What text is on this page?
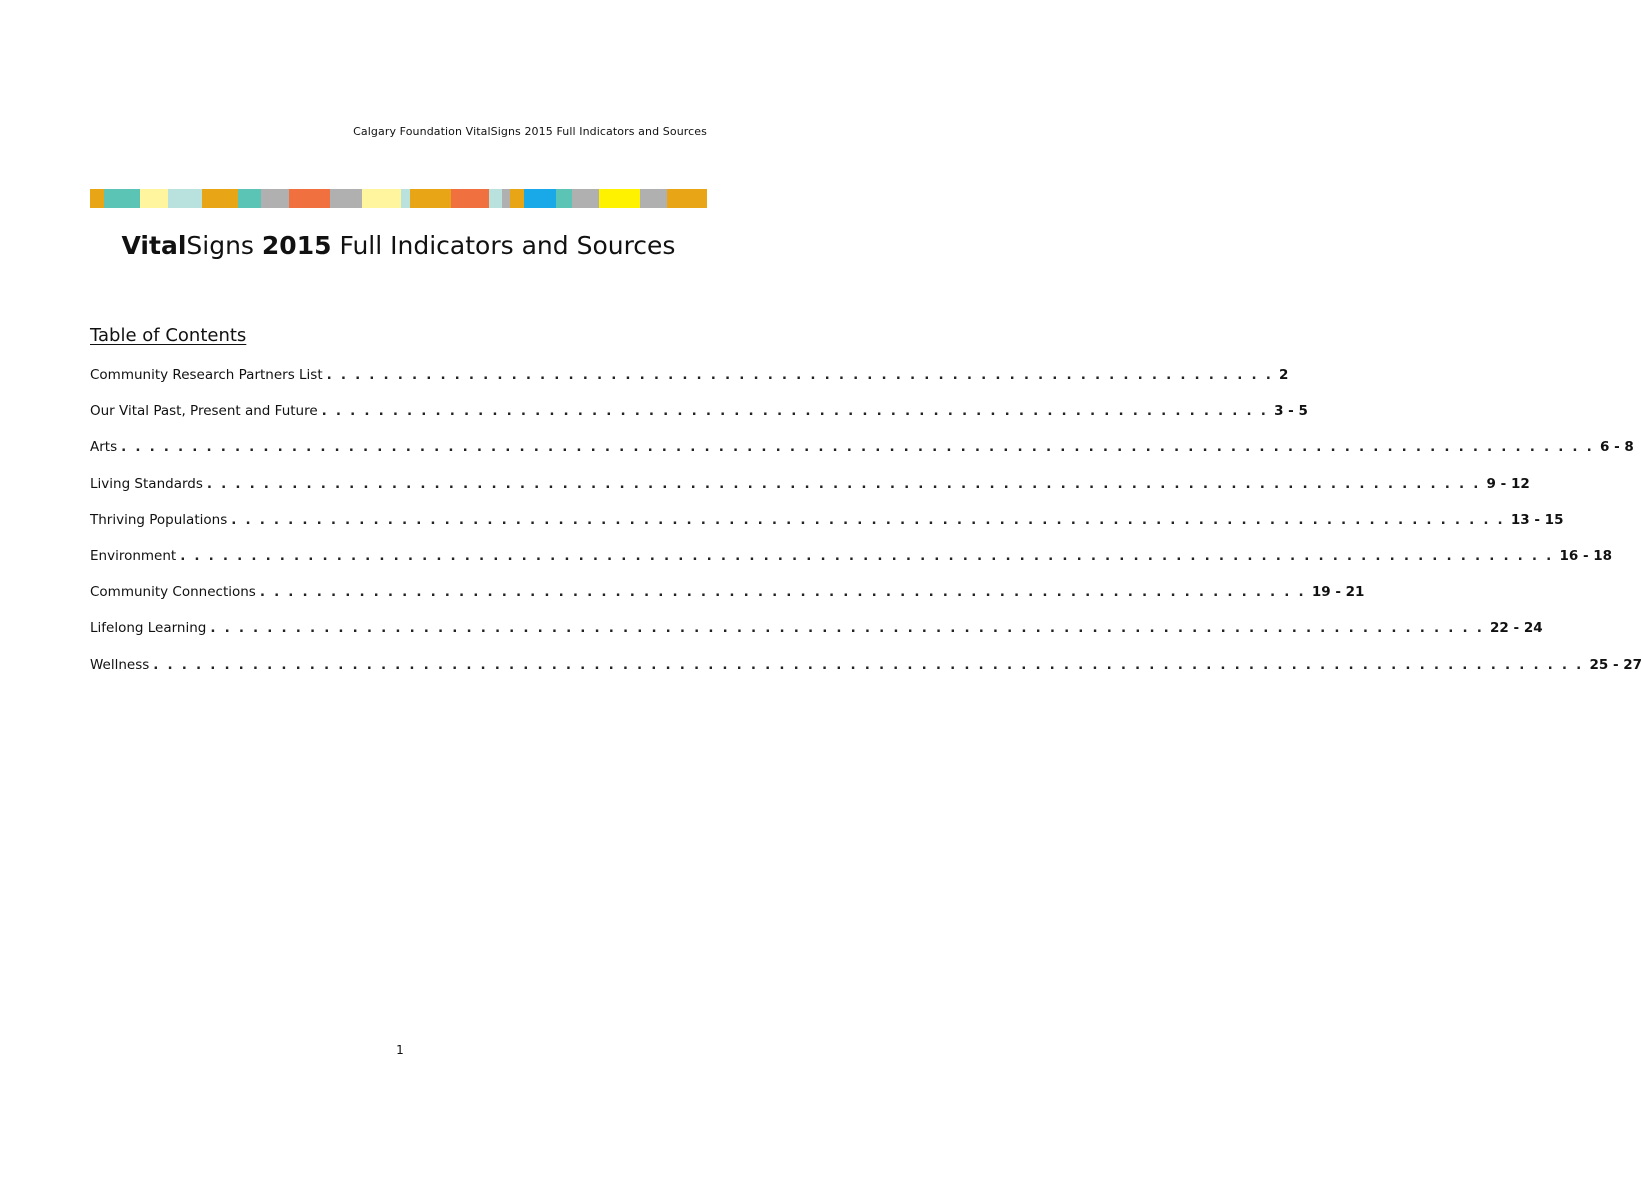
Calgary Foundation VitalSigns 2015 Full Indicators and Sources
VitalSigns 2015 Full Indicators and Sources
Table of Contents
Community Research Partners List . . . . . . . . . . . . . . . . . . . . . . . . . . . . . . . . . . . . . . . . . . . . . . . . . . . . . . . . . . . . . . . . . . . 2
Our Vital Past, Present and Future . . . . . . . . . . . . . . . . . . . . . . . . . . . . . . . . . . . . . . . . . . . . . . . . . . . . . . . . . . . . . . . . . . . 3 - 5
Arts . . . . . . . . . . . . . . . . . . . . . . . . . . . . . . . . . . . . . . . . . . . . . . . . . . . . . . . . . . . . . . . . . . . . . . . . . . . . . . . . . . . . . . . . . . . . . . . . . . . . . . . . 6 - 8
Living Standards . . . . . . . . . . . . . . . . . . . . . . . . . . . . . . . . . . . . . . . . . . . . . . . . . . . . . . . . . . . . . . . . . . . . . . . . . . . . . . . . . . . . . . . . . . 9 - 12
Thriving Populations . . . . . . . . . . . . . . . . . . . . . . . . . . . . . . . . . . . . . . . . . . . . . . . . . . . . . . . . . . . . . . . . . . . . . . . . . . . . . . . . . . . . . . . . . . 13 - 15
Environment . . . . . . . . . . . . . . . . . . . . . . . . . . . . . . . . . . . . . . . . . . . . . . . . . . . . . . . . . . . . . . . . . . . . . . . . . . . . . . . . . . . . . . . . . . . . . . . . . 16 - 18
Community Connections . . . . . . . . . . . . . . . . . . . . . . . . . . . . . . . . . . . . . . . . . . . . . . . . . . . . . . . . . . . . . . . . . . . . . . . . . . 19 - 21
Lifelong Learning . . . . . . . . . . . . . . . . . . . . . . . . . . . . . . . . . . . . . . . . . . . . . . . . . . . . . . . . . . . . . . . . . . . . . . . . . . . . . . . . . . . . . . . . . . 22 - 24
Wellness . . . . . . . . . . . . . . . . . . . . . . . . . . . . . . . . . . . . . . . . . . . . . . . . . . . . . . . . . . . . . . . . . . . . . . . . . . . . . . . . . . . . . . . . . . . . . . . . . . . . . 25 - 27
1
